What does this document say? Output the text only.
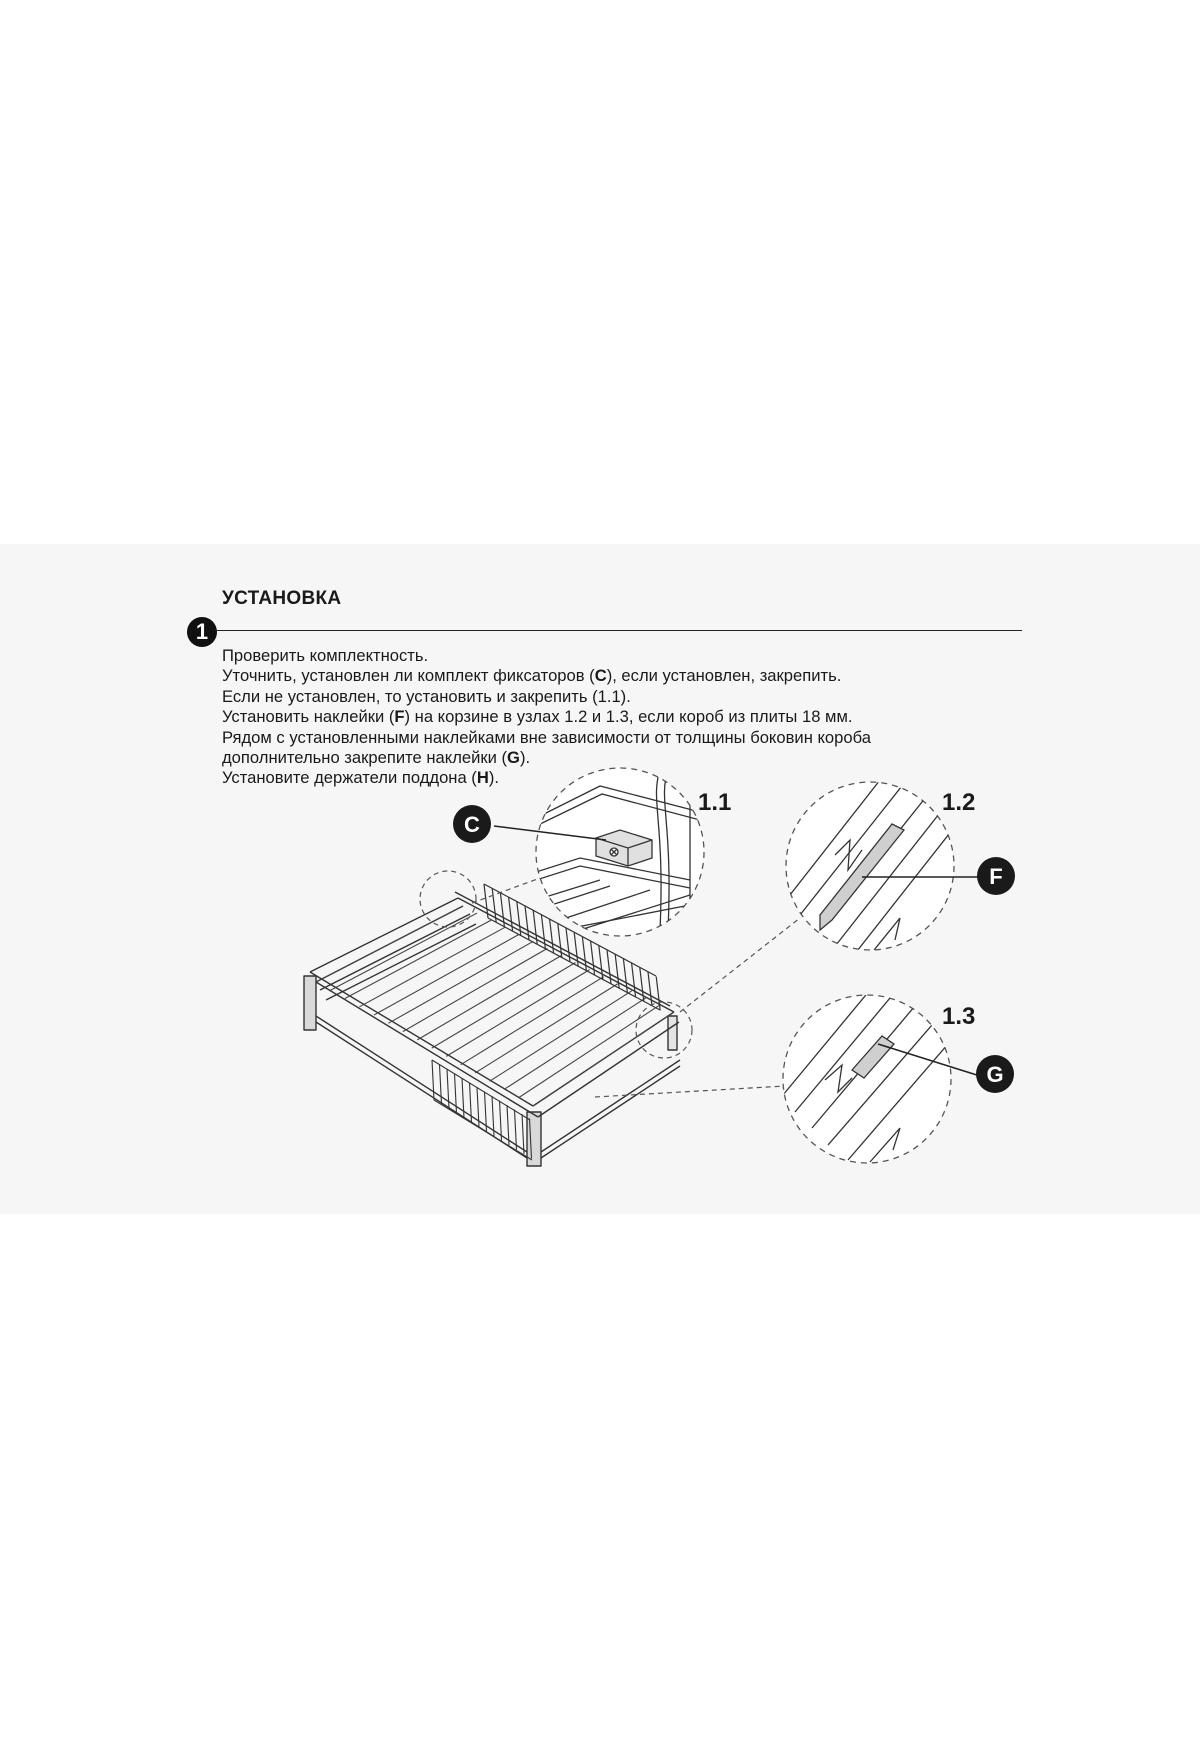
УСТАНОВКА
1
Проверить комплектность.
Уточнить, установлен ли комплект фиксаторов (C), если установлен, закрепить.
Если не установлен, то установить и закрепить (1.1).
Установить наклейки (F) на корзине в узлах 1.2 и 1.3, если короб из плиты 18 мм.
Рядом с установленными наклейками вне зависимости от толщины боковин короба
дополнительно закрепите наклейки (G).
Установите держатели поддона (H).
1.1	1.2
1.3
C
F
G
